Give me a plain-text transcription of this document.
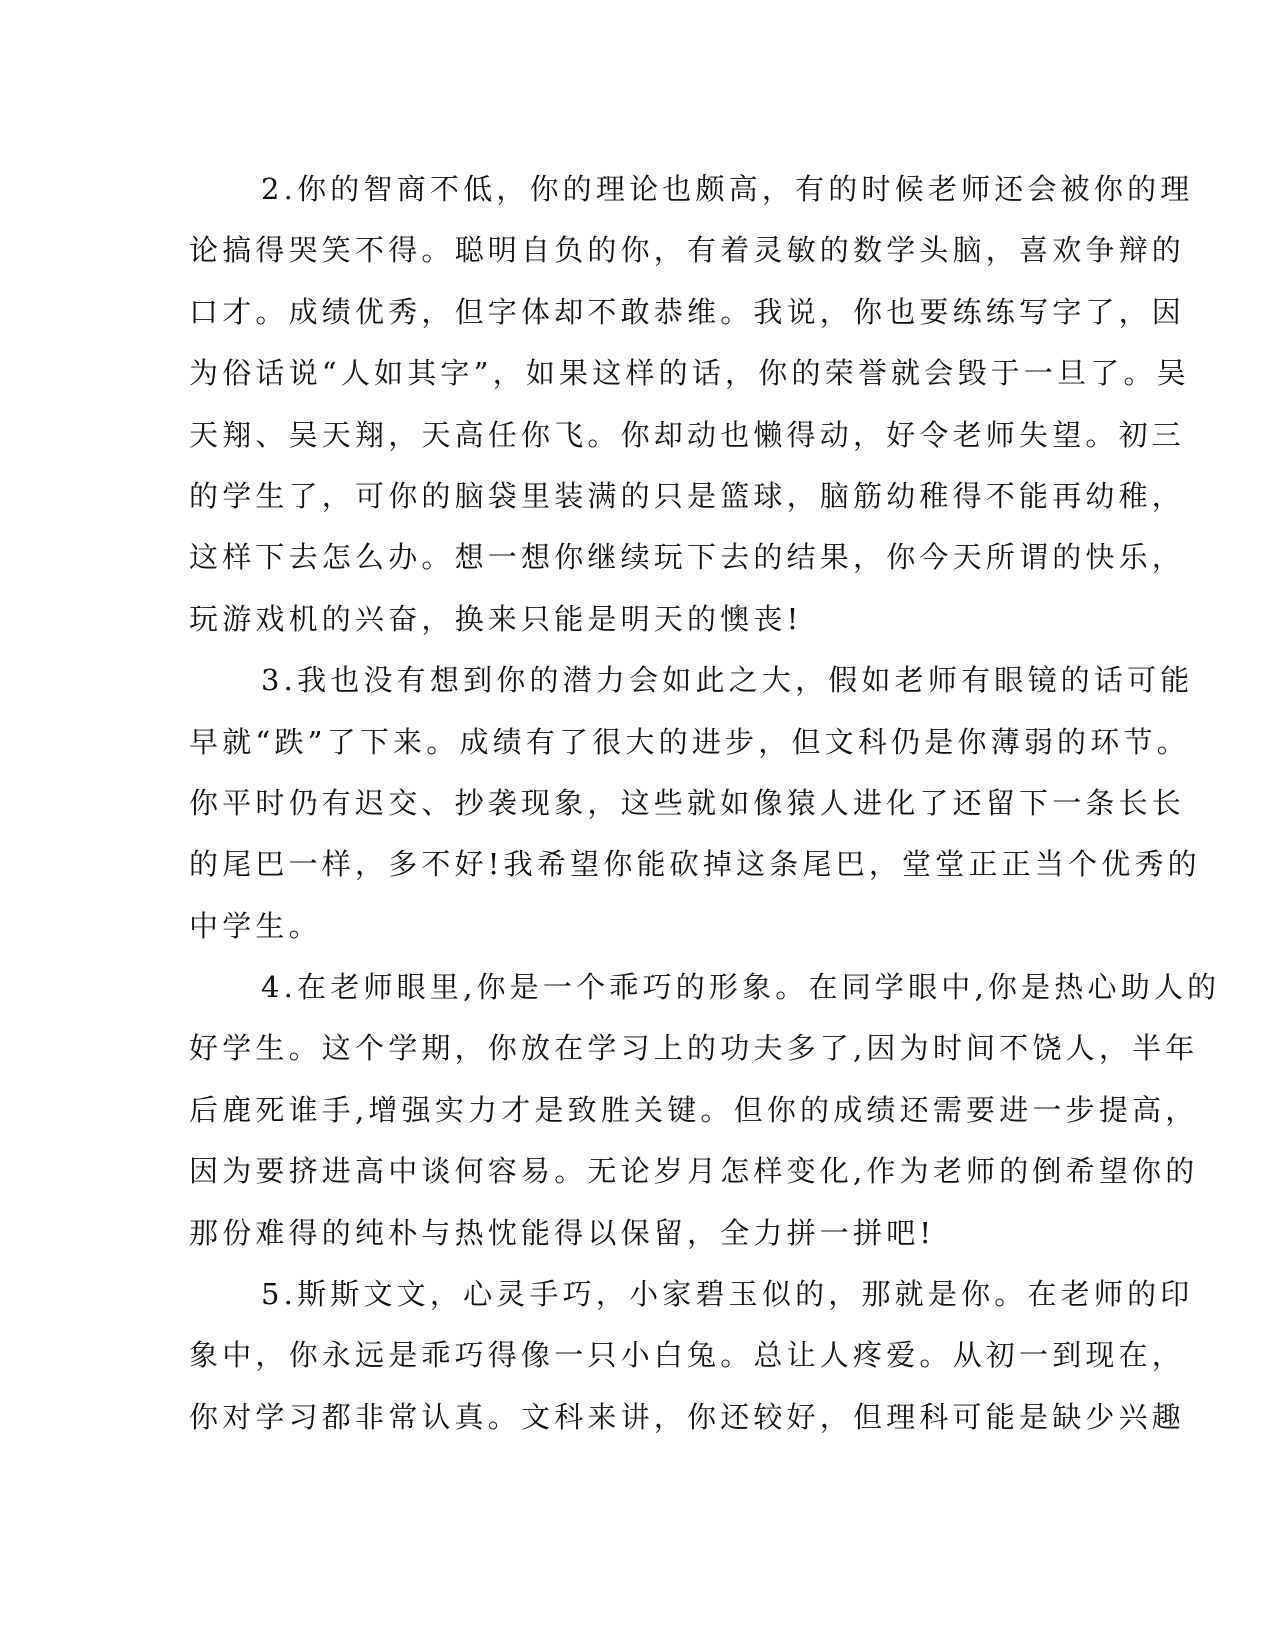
2.你的智商不低，你的理论也颇高，有的时候老师还会被你的理
论搞得哭笑不得。聪明自负的你，有着灵敏的数学头脑，喜欢争辩的
口才。成绩优秀，但字体却不敢恭维。我说，你也要练练写字了，因
为俗话说“人如其字”，如果这样的话，你的荣誉就会毁于一旦了。吴
天翔、吴天翔，天高任你飞。你却动也懒得动，好令老师失望。初三
的学生了，可你的脑袋里装满的只是篮球，脑筋幼稚得不能再幼稚，
这样下去怎么办。想一想你继续玩下去的结果，你今天所谓的快乐，
玩游戏机的兴奋，换来只能是明天的懊丧!
3.我也没有想到你的潜力会如此之大，假如老师有眼镜的话可能
早就“跌”了下来。成绩有了很大的进步，但文科仍是你薄弱的环节。
你平时仍有迟交、抄袭现象，这些就如像猿人进化了还留下一条长长
的尾巴一样，多不好!我希望你能砍掉这条尾巴，堂堂正正当个优秀的
中学生。
4.在老师眼里,你是一个乖巧的形象。在同学眼中,你是热心助人的
好学生。这个学期，你放在学习上的功夫多了,因为时间不饶人，半年
后鹿死谁手,增强实力才是致胜关键。但你的成绩还需要进一步提高，
因为要挤进高中谈何容易。无论岁月怎样变化,作为老师的倒希望你的
那份难得的纯朴与热忱能得以保留，全力拼一拼吧!
5.斯斯文文，心灵手巧，小家碧玉似的，那就是你。在老师的印
象中，你永远是乖巧得像一只小白兔。总让人疼爱。从初一到现在，
你对学习都非常认真。文科来讲，你还较好，但理科可能是缺少兴趣
